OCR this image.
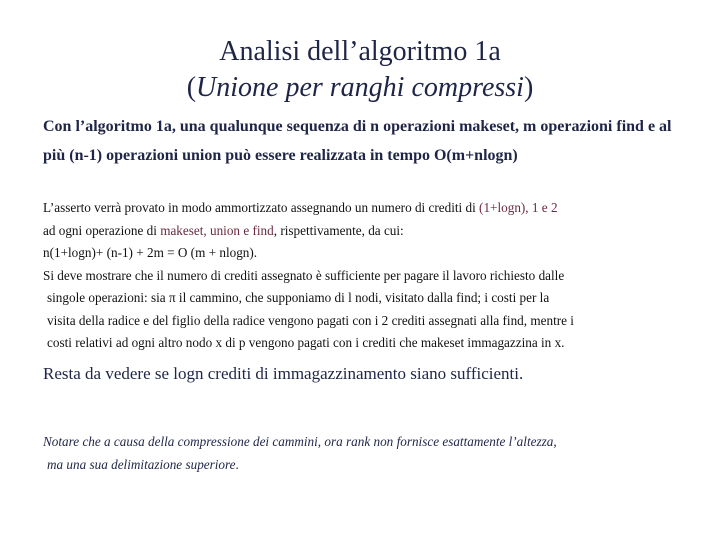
Analisi dell’algoritmo 1a
(Unione per ranghi compressi)
Con l’algoritmo 1a, una qualunque sequenza di n operazioni makeset, m operazioni find e al più (n-1) operazioni union può essere realizzata in tempo O(m+nlogn)
L’asserto verrà provato in modo ammortizzato assegnando un numero di crediti di (1+logn), 1 e 2
ad ogni operazione di makeset, union e find, rispettivamente, da cui:
n(1+logn)+ (n-1) + 2m = O (m + nlogn).
Si deve mostrare che il numero di crediti assegnato è sufficiente per pagare il lavoro richiesto dalle
singole operazioni: sia π il cammino, che supponiamo di l nodi, visitato dalla find; i costi per la
visita della radice e del figlio della radice vengono pagati con i 2 crediti assegnati alla find, mentre i
costi relativi ad ogni altro nodo x di p vengono pagati con i crediti che makeset immagazzina in x.
Resta da vedere se logn crediti di immagazzinamento siano sufficienti.
Notare che a causa della compressione dei cammini, ora rank non fornisce esattamente l’altezza,
ma una sua delimitazione superiore.
